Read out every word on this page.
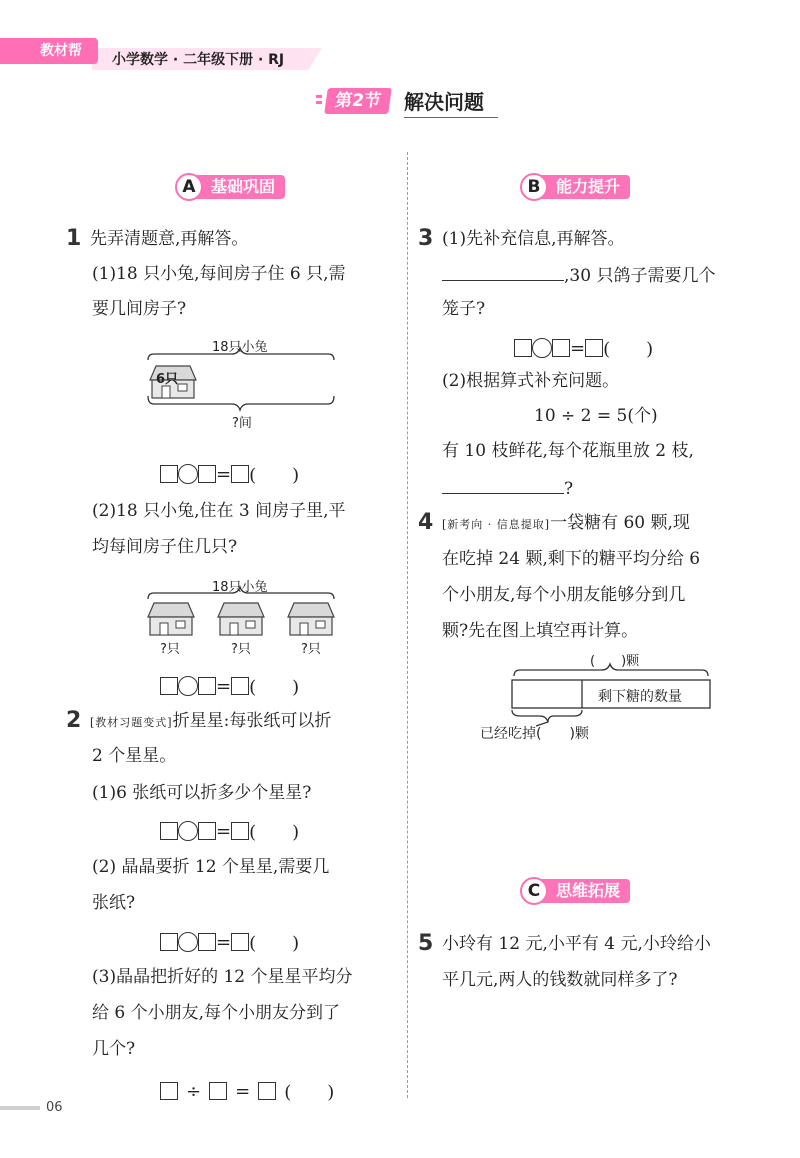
教材帮
小学数学 · 二年级下册 · RJ
第2节	解决问题
A 基础巩固
1 先弄清题意,再解答。
(1)18 只小兔,每间房子住 6 只,需
要几间房子?
18只小兔
6只
?间
= (　　)
(2)18 只小兔,住在 3 间房子里,平
均每间房子住几只?
18只小兔
?只	?只	?只
= (　　)
2 [教材习题变式]折星星:每张纸可以折
2 个星星。
(1)6 张纸可以折多少个星星?
= (　　)
(2) 晶晶要折 12 个星星,需要几
张纸?
= (　　)
(3)晶晶把折好的 12 个星星平均分
给 6 个小朋友,每个小朋友分到了
几个?
÷ = (　　)
B 能力提升
3 (1)先补充信息,再解答。
,30 只鸽子需要几个
笼子?
= (　　)
(2)根据算式补充问题。
10 ÷ 2 = 5(个)
有 10 枝鲜花,每个花瓶里放 2 枝,
?
4 [新考向 · 信息提取]一袋糖有 60 颗,现
在吃掉 24 颗,剩下的糖平均分给 6
个小朋友,每个小朋友能够分到几
颗?先在图上填空再计算。
(　　)颗
剩下糖的数量
已经吃掉(　　)颗
C 思维拓展
5 小玲有 12 元,小平有 4 元,小玲给小
平几元,两人的钱数就同样多了?
06
